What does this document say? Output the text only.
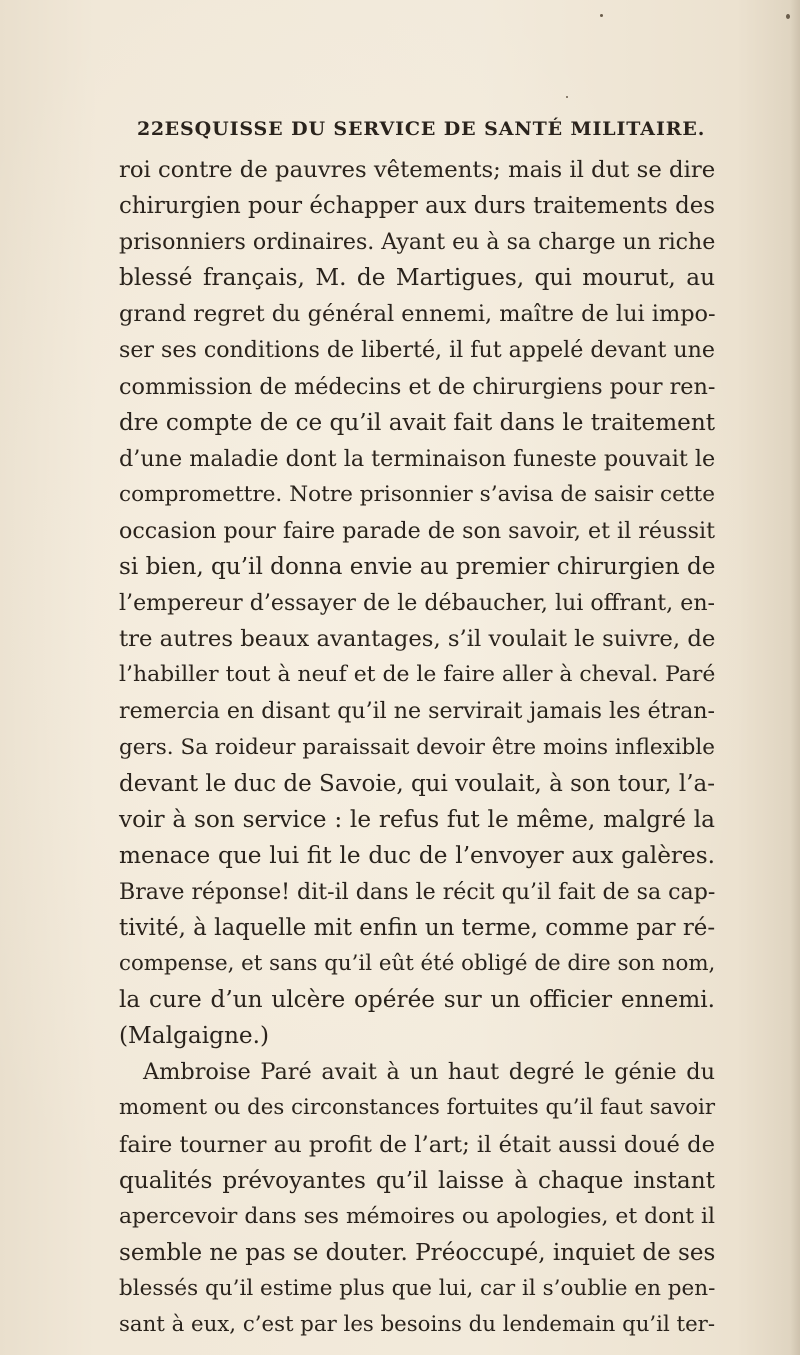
22 ESQUISSE DU SERVICE DE SANTÉ MILITAIRE.
roi contre de pauvres vêtements; mais il dut se dire
chirurgien pour échapper aux durs traitements des
prisonniers ordinaires. Ayant eu à sa charge un riche
blessé français, M. de Martigues, qui mourut, au
grand regret du général ennemi, maître de lui impo-
ser ses conditions de liberté, il fut appelé devant une
commission de médecins et de chirurgiens pour ren-
dre compte de ce qu’il avait fait dans le traitement
d’une maladie dont la terminaison funeste pouvait le
compromettre. Notre prisonnier s’avisa de saisir cette
occasion pour faire parade de son savoir, et il réussit
si bien, qu’il donna envie au premier chirurgien de
l’empereur d’essayer de le débaucher, lui offrant, en-
tre autres beaux avantages, s’il voulait le suivre, de
l’habiller tout à neuf et de le faire aller à cheval. Paré
remercia en disant qu’il ne servirait jamais les étran-
gers. Sa roideur paraissait devoir être moins inflexible
devant le duc de Savoie, qui voulait, à son tour, l’a-
voir à son service : le refus fut le même, malgré la
menace que lui fit le duc de l’envoyer aux galères.
Brave réponse! dit-il dans le récit qu’il fait de sa cap-
tivité, à laquelle mit enfin un terme, comme par ré-
compense, et sans qu’il eût été obligé de dire son nom,
la cure d’un ulcère opérée sur un officier ennemi.
(Malgaigne.)
Ambroise Paré avait à un haut degré le génie du
moment ou des circonstances fortuites qu’il faut savoir
faire tourner au profit de l’art; il était aussi doué de
qualités prévoyantes qu’il laisse à chaque instant
apercevoir dans ses mémoires ou apologies, et dont il
semble ne pas se douter. Préoccupé, inquiet de ses
blessés qu’il estime plus que lui, car il s’oublie en pen-
sant à eux, c’est par les besoins du lendemain qu’il ter-
